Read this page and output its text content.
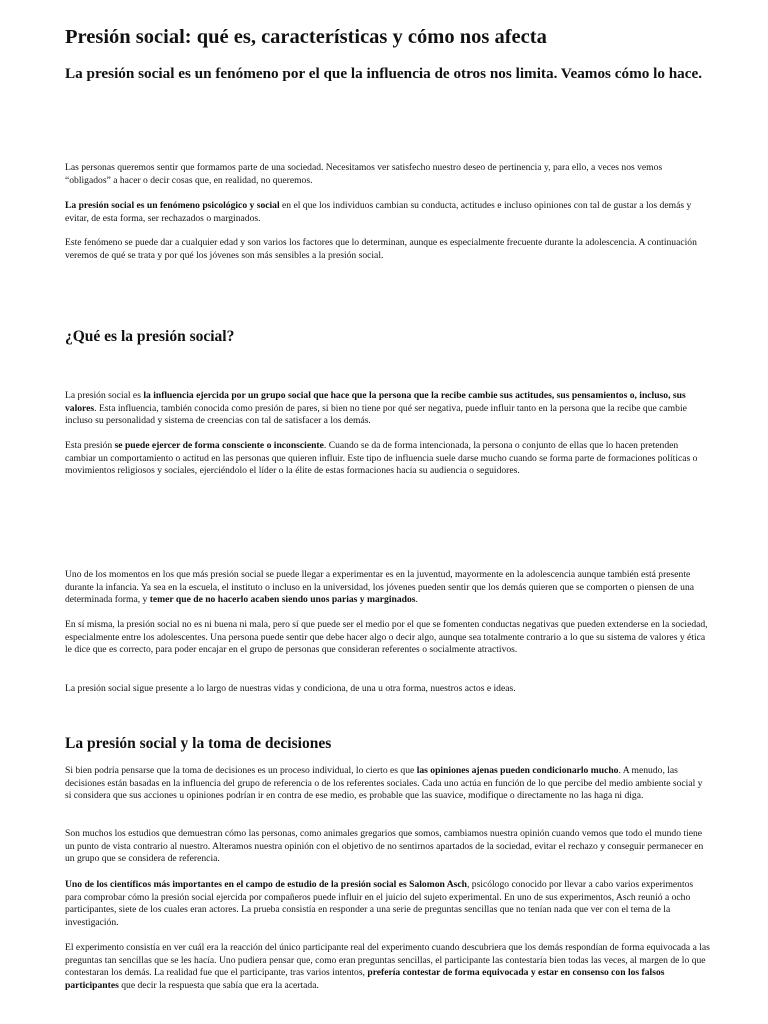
Presión social: qué es, características y cómo nos afecta
La presión social es un fenómeno por el que la influencia de otros nos limita. Veamos cómo lo hace.

Las personas queremos sentir que formamos parte de una sociedad. Necesitamos ver satisfecho nuestro deseo de pertinencia y, para ello, a veces nos vemos “obligados” a hacer o decir cosas que, en realidad, no queremos.

La presión social es un fenómeno psicológico y social en el que los individuos cambian su conducta, actitudes e incluso opiniones con tal de gustar a los demás y evitar, de esta forma, ser rechazados o marginados.

Este fenómeno se puede dar a cualquier edad y son varios los factores que lo determinan, aunque es especialmente frecuente durante la adolescencia. A continuación veremos de qué se trata y por qué los jóvenes son más sensibles a la presión social.

¿Qué es la presión social?

La presión social es la influencia ejercida por un grupo social que hace que la persona que la recibe cambie sus actitudes, sus pensamientos o, incluso, sus valores. Esta influencia, también conocida como presión de pares, si bien no tiene por qué ser negativa, puede influir tanto en la persona que la recibe que cambie incluso su personalidad y sistema de creencias con tal de satisfacer a los demás.

Esta presión se puede ejercer de forma consciente o inconsciente. Cuando se da de forma intencionada, la persona o conjunto de ellas que lo hacen pretenden cambiar un comportamiento o actitud en las personas que quieren influir. Este tipo de influencia suele darse mucho cuando se forma parte de formaciones políticas o movimientos religiosos y sociales, ejerciéndolo el líder o la élite de estas formaciones hacia su audiencia o seguidores.

Uno de los momentos en los que más presión social se puede llegar a experimentar es en la juventud, mayormente en la adolescencia aunque también está presente durante la infancia. Ya sea en la escuela, el instituto o incluso en la universidad, los jóvenes pueden sentir que los demás quieren que se comporten o piensen de una determinada forma, y temer que de no hacerlo acaben siendo unos parias y marginados.

En sí misma, la presión social no es ni buena ni mala, pero sí que puede ser el medio por el que se fomenten conductas negativas que pueden extenderse en la sociedad, especialmente entre los adolescentes. Una persona puede sentir que debe hacer algo o decir algo, aunque sea totalmente contrario a lo que su sistema de valores y ética le dice que es correcto, para poder encajar en el grupo de personas que consideran referentes o socialmente atractivos.

La presión social sigue presente a lo largo de nuestras vidas y condiciona, de una u otra forma, nuestros actos e ideas.

La presión social y la toma de decisiones

Si bien podría pensarse que la toma de decisiones es un proceso individual, lo cierto es que las opiniones ajenas pueden condicionarlo mucho. A menudo, las decisiones están basadas en la influencia del grupo de referencia o de los referentes sociales. Cada uno actúa en función de lo que percibe del medio ambiente social y si considera que sus acciones u opiniones podrían ir en contra de ese medio, es probable que las suavice, modifique o directamente no las haga ni diga.

Son muchos los estudios que demuestran cómo las personas, como animales gregarios que somos, cambiamos nuestra opinión cuando vemos que todo el mundo tiene un punto de vista contrario al nuestro. Alteramos nuestra opinión con el objetivo de no sentirnos apartados de la sociedad, evitar el rechazo y conseguir permanecer en un grupo que se considera de referencia.

Uno de los científicos más importantes en el campo de estudio de la presión social es Salomon Asch, psicólogo conocido por llevar a cabo varios experimentos para comprobar cómo la presión social ejercida por compañeros puede influir en el juicio del sujeto experimental. En uno de sus experimentos, Asch reunió a ocho participantes, siete de los cuales eran actores. La prueba consistía en responder a una serie de preguntas sencillas que no tenían nada que ver con el tema de la investigación.

El experimento consistía en ver cuál era la reacción del único participante real del experimento cuando descubriera que los demás respondían de forma equivocada a las preguntas tan sencillas que se les hacía. Uno pudiera pensar que, como eran preguntas sencillas, el participante las contestaría bien todas las veces, al margen de lo que contestaran los demás. La realidad fue que el participante, tras varios intentos, prefería contestar de forma equivocada y estar en consenso con los falsos participantes que decir la respuesta que sabía que era la acertada.
